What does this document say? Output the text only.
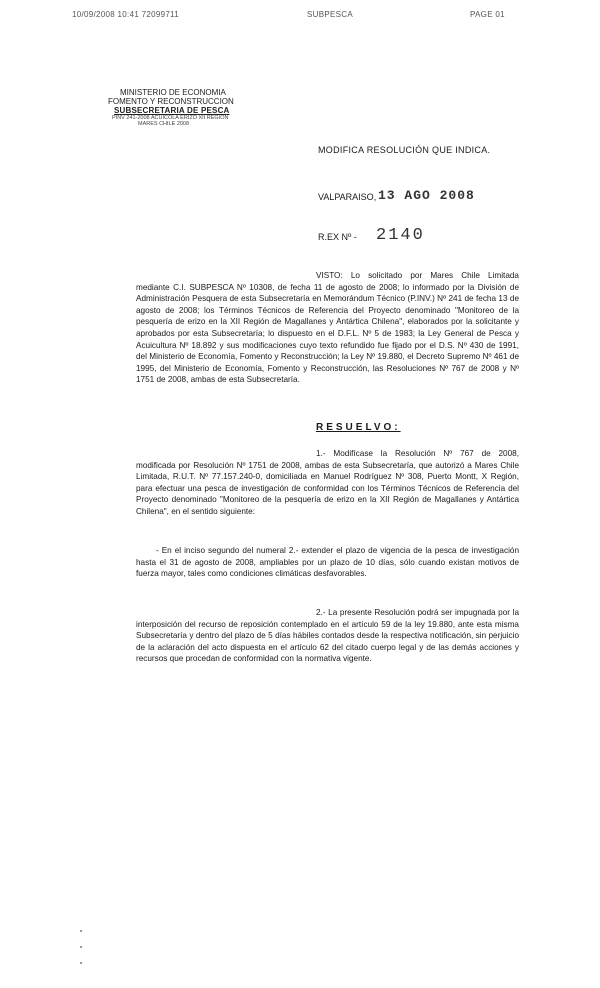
10/09/2008 10:41 72099711	SUBPESCA	PAGE 01
MINISTERIO DE ECONOMIA
FOMENTO Y RECONSTRUCCION
SUBSECRETARIA DE PESCA
PINV 241-2008 ACUICOLA ERIZO XII REGION
MARES CHILE 2008
MODIFICA RESOLUCIÓN QUE INDICA.
VALPARAISO, 13 AGO 2008
R.EX Nº - 2140

VISTO: Lo solicitado por Mares Chile Limitada mediante C.I. SUBPESCA Nº 10308, de fecha 11 de agosto de 2008; lo informado por la División de Administración Pesquera de esta Subsecretaría en Memorándum Técnico (P.INV.) Nº 241 de fecha 13 de agosto de 2008; los Términos Técnicos de Referencia del Proyecto denominado "Monitoreo de la pesquería de erizo en la XII Región de Magallanes y Antártica Chilena", elaborados por la solicitante y aprobados por esta Subsecretaría; lo dispuesto en el D.F.L. Nº 5 de 1983; la Ley General de Pesca y Acuicultura Nº 18.892 y sus modificaciones cuyo texto refundido fue fijado por el D.S. Nº 430 de 1991, del Ministerio de Economía, Fomento y Reconstrucción; la Ley Nº 19.880, el Decreto Supremo Nº 461 de 1995, del Ministerio de Economía, Fomento y Reconstrucción, las Resoluciones Nº 767 de 2008 y Nº 1751 de 2008, ambas de esta Subsecretaría.

RESUELVO:

1.- Modifícase la Resolución Nº 767 de 2008, modificada por Resolución Nº 1751 de 2008, ambas de esta Subsecretaría, que autorizó a Mares Chile Limitada, R.U.T. Nº 77.157.240-0, domiciliada en Manuel Rodríguez Nº 308, Puerto Montt, X Región, para efectuar una pesca de investigación de conformidad con los Términos Técnicos de Referencia del Proyecto denominado "Monitoreo de la pesquería de erizo en la XII Región de Magallanes y Antártica Chilena", en el sentido siguiente:

- En el inciso segundo del numeral 2.- extender el plazo de vigencia de la pesca de investigación hasta el 31 de agosto de 2008, ampliables por un plazo de 10 días, sólo cuando existan motivos de fuerza mayor, tales como condiciones climáticas desfavorables.

2.- La presente Resolución podrá ser impugnada por la interposición del recurso de reposición contemplado en el artículo 59 de la ley 19.880, ante esta misma Subsecretaría y dentro del plazo de 5 días hábiles contados desde la respectiva notificación, sin perjuicio de la aclaración del acto dispuesta en el artículo 62 del citado cuerpo legal y de las demás acciones y recursos que procedan de conformidad con la normativa vigente.
